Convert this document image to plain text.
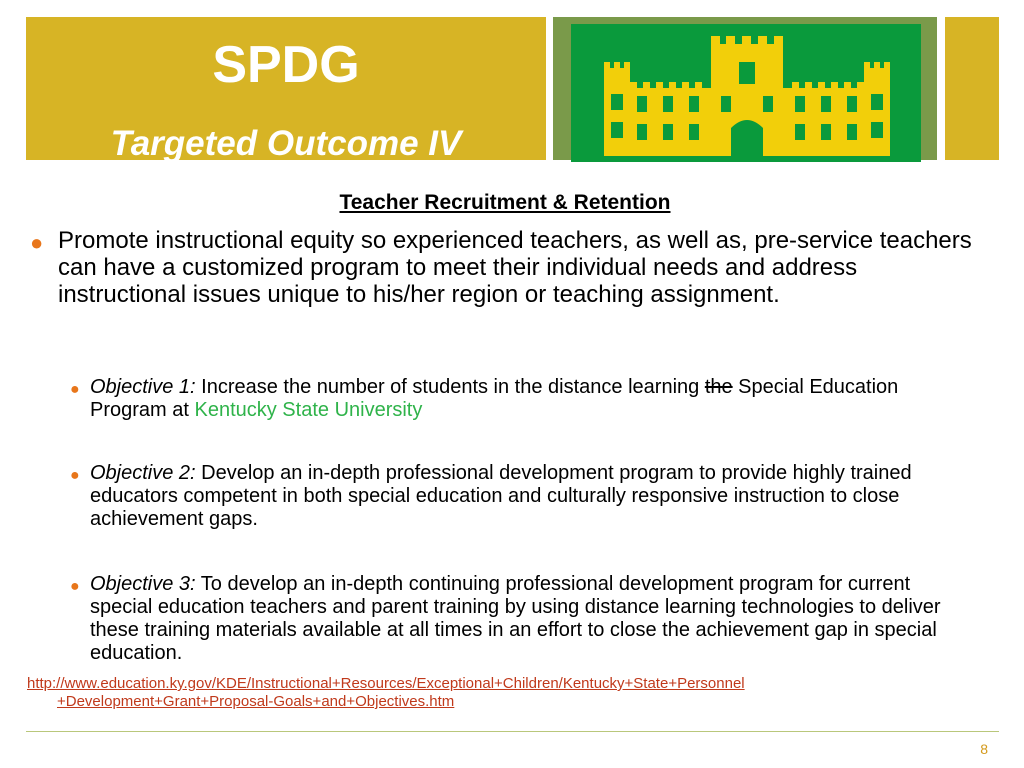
SPDG
Targeted Outcome IV
Teacher Recruitment & Retention
● Promote instructional equity so experienced teachers, as well as, pre-service teachers can have a customized program to meet their individual needs and address instructional issues unique to his/her region or teaching assignment.
● Objective 1: Increase the number of students in the distance learning the Special Education Program at Kentucky State University
● Objective 2: Develop an in-depth professional development program to provide highly trained educators competent in both special education and culturally responsive instruction to close achievement gaps.
● Objective 3: To develop an in-depth continuing professional development program for current special education teachers and parent training by using distance learning technologies to deliver these training materials available at all times in an effort to close the achievement gap in special education.
http://www.education.ky.gov/KDE/Instructional+Resources/Exceptional+Children/Kentucky+State+Personnel
+Development+Grant+Proposal-Goals+and+Objectives.htm
8
